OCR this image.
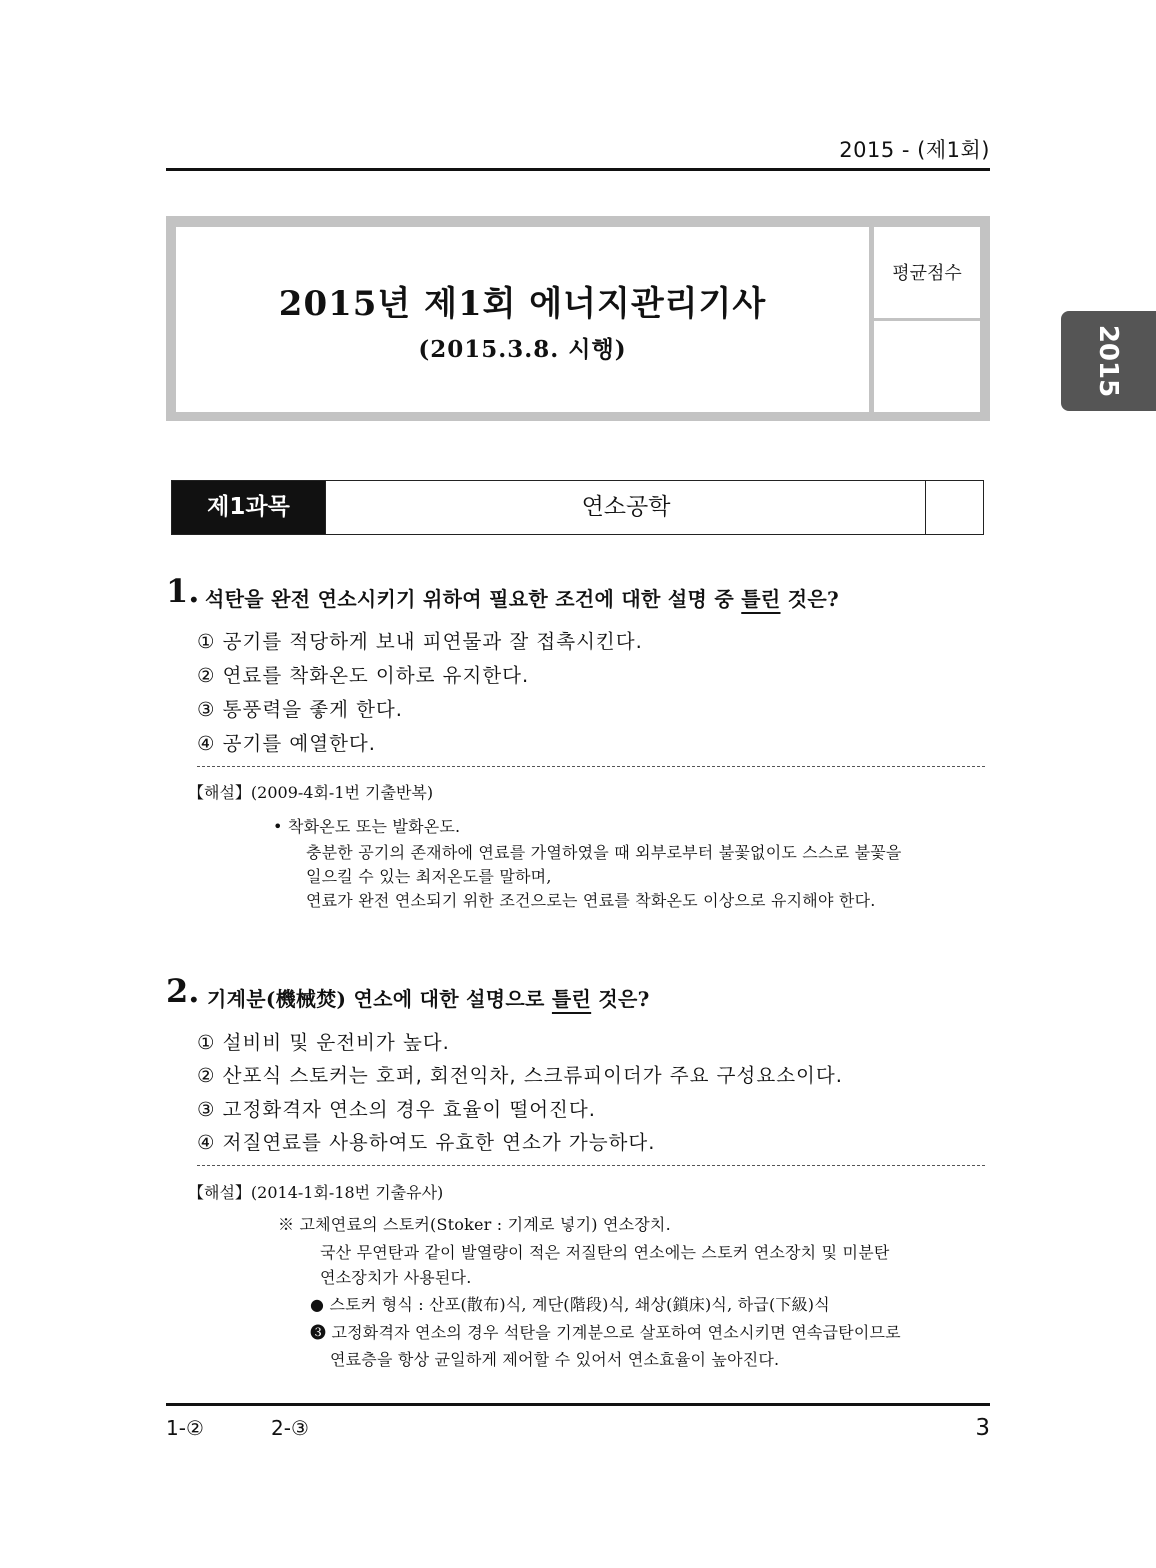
2015 - (제1회)
2015년 제1회 에너지관리기사
(2015.3.8. 시행)
평균점수
2015
제1과목	연소공학
1. 석탄을 완전 연소시키기 위하여 필요한 조건에 대한 설명 중 틀린 것은?
① 공기를 적당하게 보내 피연물과 잘 접촉시킨다.
② 연료를 착화온도 이하로 유지한다.
③ 통풍력을 좋게 한다.
④ 공기를 예열한다.
【해설】(2009-4회-1번 기출반복)
• 착화온도 또는 발화온도.
충분한 공기의 존재하에 연료를 가열하였을 때 외부로부터 불꽃없이도 스스로 불꽃을
일으킬 수 있는 최저온도를 말하며,
연료가 완전 연소되기 위한 조건으로는 연료를 착화온도 이상으로 유지해야 한다.
2. 기계분(機械焚) 연소에 대한 설명으로 틀린 것은?
① 설비비 및 운전비가 높다.
② 산포식 스토커는 호퍼, 회전익차, 스크류피이더가 주요 구성요소이다.
③ 고정화격자 연소의 경우 효율이 떨어진다.
④ 저질연료를 사용하여도 유효한 연소가 가능하다.
【해설】(2014-1회-18번 기출유사)
※ 고체연료의 스토커(Stoker : 기계로 넣기) 연소장치.
국산 무연탄과 같이 발열량이 적은 저질탄의 연소에는 스토커 연소장치 및 미분탄
연소장치가 사용된다.
● 스토커 형식 : 산포(散布)식, 계단(階段)식, 쇄상(鎖床)식, 하급(下級)식
❸ 고정화격자 연소의 경우 석탄을 기계분으로 살포하여 연소시키면 연속급탄이므로
연료층을 항상 균일하게 제어할 수 있어서 연소효율이 높아진다.
1-②	2-③	3
